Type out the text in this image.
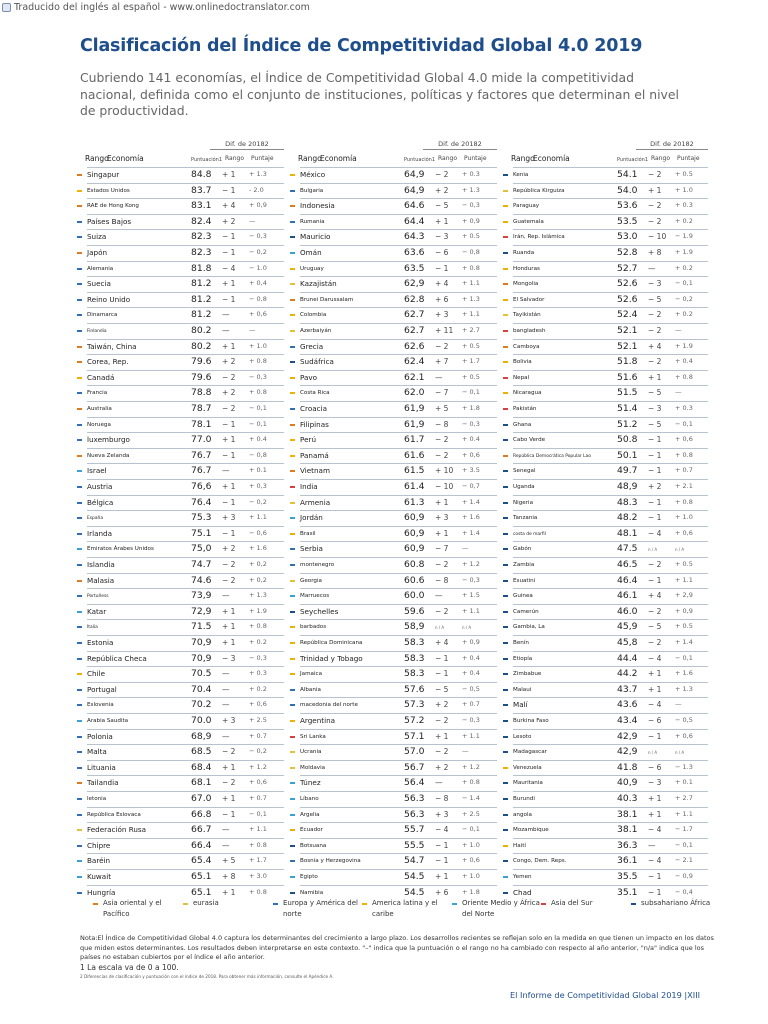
Traducido del inglés al español - www.onlinedoctranslator.com
Clasificación del Índice de Competitividad Global 4.0 2019

Cubriendo 141 economías, el Índice de Competitividad Global 4.0 mide la competitividad nacional, definida como el conjunto de instituciones, políticas y factores que determinan el nivel de productividad.

Dif. de 20182
Rango
Economía	Puntuación1 Rango Puntaje
Singapur	84.8 + 1 + 1.3
Estados Unidos	83.7 − 1 - 2.0
RAE de Hong Kong	83.1 + 4 + 0,9
Países Bajos	82.4 + 2 —
Suiza	82.3 − 1 − 0,3
Japón	82.3 − 1 − 0,2
Alemania	81.8 − 4 − 1.0
Suecia	81.2 + 1 + 0,4
Reino Unido	81.2 − 1 − 0,8
Dinamarca	81.2 —	+ 0,6
Finlandia	80.2 —	—
Taiwán, China	80.2 + 1 + 1.0
Corea, Rep.	79.6 + 2 + 0.8
Canadá	79.6 − 2 − 0,3
Francia	78.8 + 2 + 0.8
Australia	78.7 − 2 − 0,1
Noruega	78.1 − 1 − 0,1
luxemburgo	77.0 + 1 + 0.4
Nueva Zelanda	76.7 − 1 − 0,8
Israel	76.7 —	+ 0.1
Austria	76,6 + 1 + 0,3
Bélgica	76.4 − 1 − 0,2
España	75.3 + 3 + 1.1
Irlanda	75.1 − 1 − 0,6
Emiratos Árabes Unidos	75,0 + 2 + 1.6
Islandia	74.7 − 2 + 0,2
Malasia	74.6 − 2 + 0,2
Portuñess	73,9 —	+ 1.3
Katar	72,9 + 1 + 1.9
Italia	71.5 + 1 + 0.8
Estonia	70,9 + 1 + 0.2
República Checa	70,9 − 3 − 0,3
Chile	70.5 —	+ 0.3
Portugal	70.4 —	+ 0.2
Eslovenia	70.2 —	+ 0,6
Arabia Saudita	70.0 + 3 + 2.5
Polonia	68,9 —	+ 0.7
Malta	68.5 − 2 − 0,2
Lituania	68.4 + 1 + 1.2
Tailandia	68.1 − 2 + 0,6
letonia	67.0 + 1 + 0.7
República Eslovaca	66.8 − 1 − 0,1
Federación Rusa	66.7 —	+ 1.1
Chipre	66.4 —	+ 0.8
Baréin	65.4 + 5 + 1.7
Kuwait	65.1 + 8 + 3.0
Hungría	65.1 + 1 + 0.8
Dif. de 20182
Rango
Economía	Puntuación1 Rango Puntaje
México	64,9 − 2 + 0.3
Bulgaria	64,9 + 2 + 1.3
Indonesia	64.6 − 5 − 0,3
Rumania	64.4 + 1 + 0,9
Mauricio	64.3 − 3 + 0.5
Omán	63.6 − 6 − 0,8
Uruguay	63.5 − 1 + 0.8
Kazajistán	62,9 + 4 + 1.1
Brunei Darussalam	62.8 + 6 + 1.3
Colombia	62.7 + 3 + 1.1
Azerbaiyán	62.7 + 11 + 2.7
Grecia	62.6 − 2 + 0.5
Sudáfrica	62.4 + 7 + 1.7
Pavo	62.1 —	+ 0.5
Costa Rica	62.0 − 7 − 0,1
Croacia	61,9 + 5 + 1.8
Filipinas	61,9 − 8 − 0,3
Perú	61.7 − 2 + 0.4
Panamá	61.6 − 2 + 0,6
Vietnam	61.5 + 10 + 3.5
India	61.4 − 10 − 0,7
Armenia	61.3 + 1 + 1.4
Jordán	60,9 + 3 + 1.6
Brasil	60,9 + 1 + 1.4
Serbia	60,9 − 7 —
montenegro	60.8 − 2 + 1.2
Georgia	60.6 − 8 − 0,3
Marruecos	60.0 —	+ 1.5
Seychelles	59.6 − 2 + 1.1
barbados	58,9	n / A	n / A
República Dominicana	58.3 + 4 + 0,9
Trinidad y Tobago	58.3 − 1 + 0.4
Jamaica	58.3 − 1 + 0.4
Albania	57.6 − 5 − 0,5
macedonia del norte	57.3 + 2 + 0.7
Argentina	57.2 − 2 − 0,3
Sri Lanka	57.1 + 1 + 1.1
Ucrania	57.0 − 2 —
Moldavia	56.7 + 2 + 1.2
Túnez	56.4 —	+ 0.8
Líbano	56.3 − 8 − 1.4
Argelia	56.3 + 3 + 2.5
Ecuador	55.7 − 4 − 0,1
Botsuana	55.5 − 1 + 1.0
Bosnia y Herzegovina	54.7 − 1 + 0,6
Egipto	54.5 + 1 + 1.0
Namibia	54.5 + 6 + 1.8
Dif. de 20182
Rango
Economía	Puntuación1 Rango Puntaje
Kenia	54.1 − 2 + 0.5
República Kirguiza	54.0 + 1 + 1.0
Paraguay	53.6 − 2 + 0.3
Guatemala	53.5 − 2 + 0.2
Irán, Rep. Islámica	53.0 − 10 − 1.9
Ruanda	52.8 + 8 + 1.9
Honduras	52.7 —	+ 0.2
Mongolia	52.6 − 3 − 0,1
El Salvador	52.6 − 5 − 0,2
Tayikistán	52.4 − 2 + 0.2
bangladesh	52.1 − 2 —
Camboya	52.1 + 4 + 1.9
Bolivia	51.8 − 2 + 0.4
Nepal	51.6 + 1 + 0.8
Nicaragua	51.5 − 5 —
Pakistán	51.4 − 3 + 0.3
Ghana	51.2 − 5 − 0,1
Cabo Verde	50.8 − 1 + 0,6
República Democrática Popular Lao	50.1 − 1 + 0.8
Senegal	49.7 − 1 + 0.7
Uganda	48,9 + 2 + 2.1
Nigeria	48.3 − 1 + 0.8
Tanzania	48.2 − 1 + 1.0
costa de marfil	48.1 − 4 + 0,6
Gabón	47.5	n / A	n / A
Zambia	46.5 − 2 + 0.5
Esuatini	46.4 − 1 + 1.1
Guinea	46.1 + 4 + 2,9
Camerún	46.0 − 2 + 0,9
Gambia, La	45,9 − 5 + 0.5
Benín	45,8 − 2 + 1.4
Etiopía	44.4 − 4 − 0,1
Zimbabue	44.2 + 1 + 1.6
Malaui	43.7 + 1 + 1.3
Malí	43.6 − 4 —
Burkina Faso	43.4 − 6 − 0,5
Lesoto	42,9 − 1 + 0,6
Madagascar	42,9	n / A	n / A
Venezuela	41.8 − 6 − 1.3
Mauritania	40,9 − 3 + 0.1
Burundi	40.3 + 1 + 2.7
angola	38.1 + 1 + 1.1
Mozambique	38.1 − 4 − 1.7
Haití	36.3 —	− 0,1
Congo, Dem. Reps.	36.1 − 4 − 2.1
Yemen	35.5 − 1 − 0,9
Chad	35.1 − 1 − 0,4
Asia oriental y el Pacífico
eurasia	Europa y América del norte
America latina y el caribe
Oriente Medio y África del Norte
Asia del Sur	subsahariano África

Nota:El Índice de Competitividad Global 4.0 captura los determinantes del crecimiento a largo plazo. Los desarrollos recientes se reflejan solo en la medida en que tienen un impacto en los datos que miden estos determinantes. Los resultados deben interpretarse en este contexto. "–" indica que la puntuación o el rango no ha cambiado con respecto al año anterior, "n/a" indica que los países no estaban cubiertos por el índice el año anterior.

1 La escala va de 0 a 100.

2 Diferencias de clasificación y puntuación con el índice de 2018. Para obtener más información, consulte el Apéndice A.

El Informe de Competitividad Global 2019 |XIII
